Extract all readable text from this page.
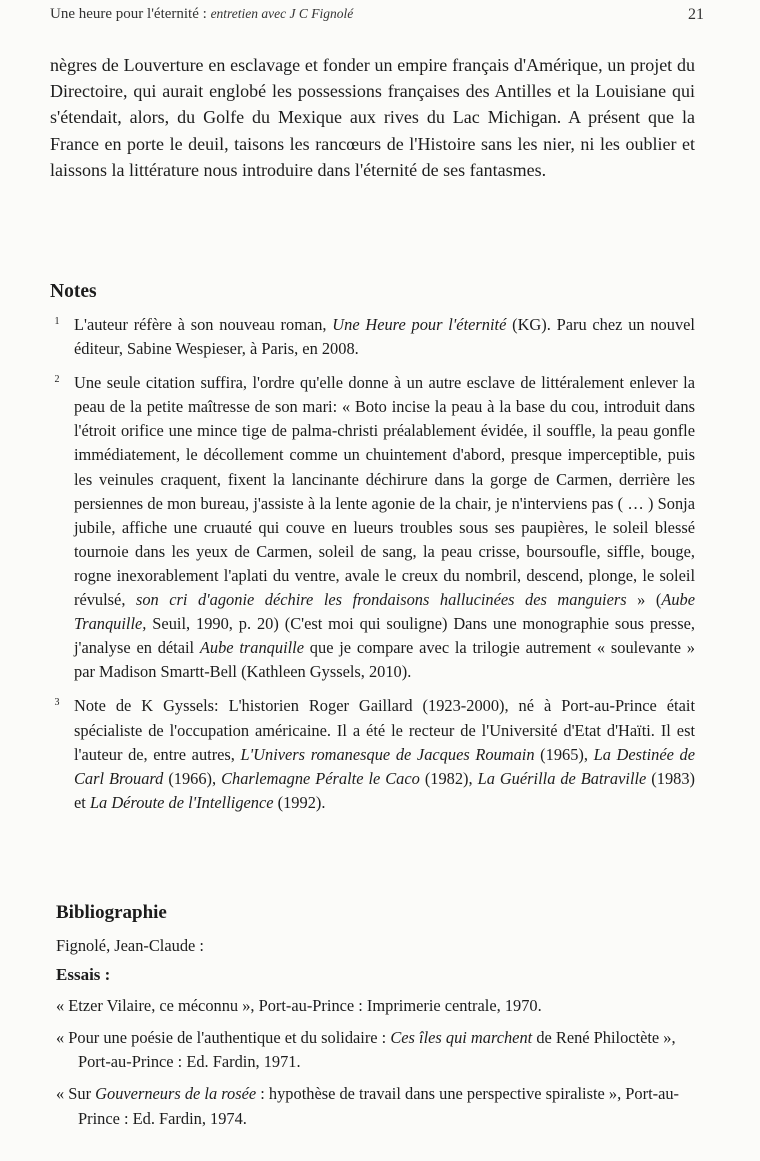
Une heure pour l'éternité : entretien avec J C Fignolé	21

nègres de Louverture en esclavage et fonder un empire français d'Amérique, un projet du Directoire, qui aurait englobé les possessions françaises des Antilles et la Louisiane qui s'étendait, alors, du Golfe du Mexique aux rives du Lac Michigan. A présent que la France en porte le deuil, taisons les rancœurs de l'Histoire sans les nier, ni les oublier et laissons la littérature nous introduire dans l'éternité de ses fantasmes.

Notes
1 L'auteur réfère à son nouveau roman, Une Heure pour l'éternité (KG). Paru chez un nouvel éditeur, Sabine Wespieser, à Paris, en 2008.
2 Une seule citation suffira, l'ordre qu'elle donne à un autre esclave de littéralement enlever la peau de la petite maîtresse de son mari: « Boto incise la peau à la base du cou, introduit dans l'étroit orifice une mince tige de palma-christi préalablement évidée, il souffle, la peau gonfle immédiatement, le décollement comme un chuintement d'abord, presque imperceptible, puis les veinules craquent, fixent la lancinante déchirure dans la gorge de Carmen, derrière les persiennes de mon bureau, j'assiste à la lente agonie de la chair, je n'interviens pas ( … ) Sonja jubile, affiche une cruauté qui couve en lueurs troubles sous ses paupières, le soleil blessé tournoie dans les yeux de Carmen, soleil de sang, la peau crisse, boursoufle, siffle, bouge, rogne inexorablement l'aplati du ventre, avale le creux du nombril, descend, plonge, le soleil révulsé, son cri d'agonie déchire les frondaisons hallucinées des manguiers » (Aube Tranquille, Seuil, 1990, p. 20) (C'est moi qui souligne) Dans une monographie sous presse, j'analyse en détail Aube tranquille que je compare avec la trilogie autrement « soulevante » par Madison Smartt-Bell (Kathleen Gyssels, 2010).
3 Note de K Gyssels: L'historien Roger Gaillard (1923-2000), né à Port-au-Prince était spécialiste de l'occupation américaine. Il a été le recteur de l'Université d'Etat d'Haïti. Il est l'auteur de, entre autres, L'Univers romanesque de Jacques Roumain (1965), La Destinée de Carl Brouard (1966), Charlemagne Péralte le Caco (1982), La Guérilla de Batraville (1983) et La Déroute de l'Intelligence (1992).
Bibliographie

Fignolé, Jean-Claude :

Essais :

« Etzer Vilaire, ce méconnu », Port-au-Prince : Imprimerie centrale, 1970.

« Pour une poésie de l'authentique et du solidaire : Ces îles qui marchent de René Philoctète », Port-au-Prince : Ed. Fardin, 1971.

« Sur Gouverneurs de la rosée : hypothèse de travail dans une perspective spiraliste », Port-au-Prince : Ed. Fardin, 1974.
